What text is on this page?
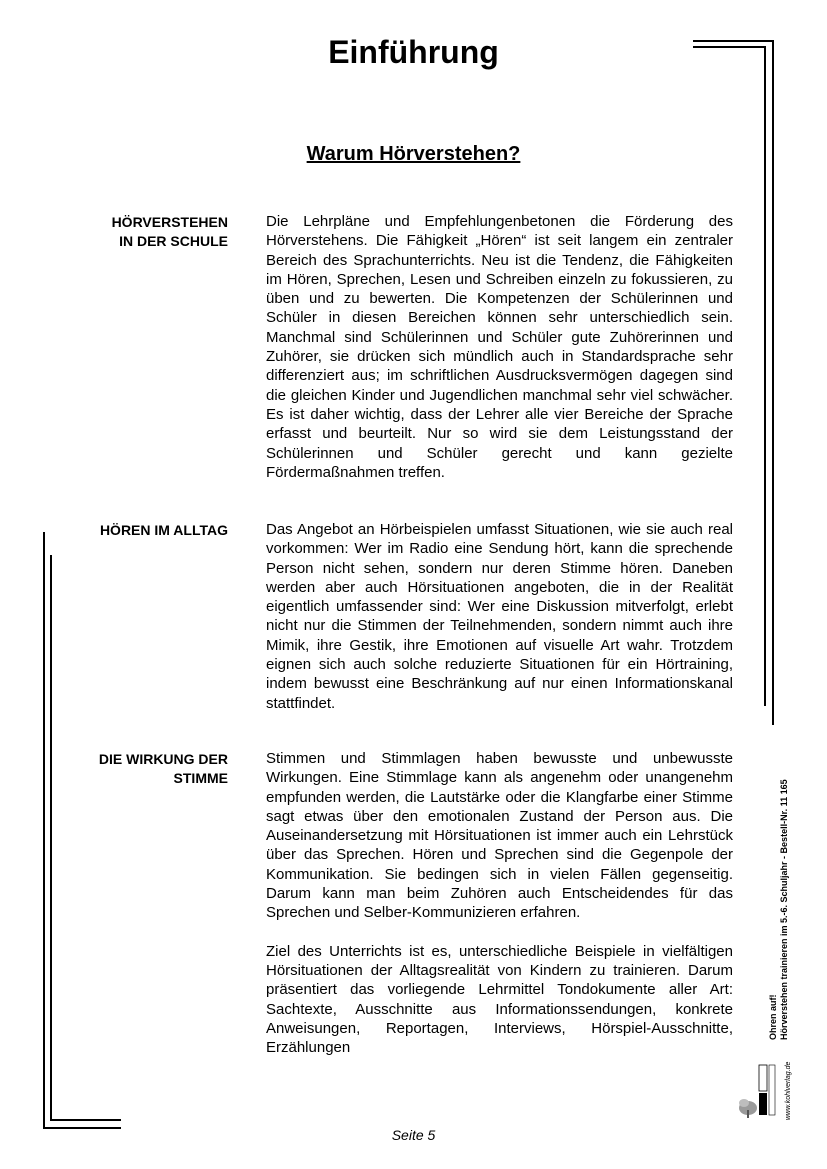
Einführung
Warum Hörverstehen?
HÖRVERSTEHEN
IN DER SCHULE

Die Lehrpläne und Empfehlungenbetonen die Förderung des Hörverstehens. Die Fähigkeit „Hören“ ist seit langem ein zentraler Bereich des Sprachunterrichts. Neu ist die Tendenz, die Fähigkeiten im Hören, Sprechen, Lesen und Schreiben einzeln zu fokussieren, zu üben und zu bewerten. Die Kompetenzen der Schülerinnen und Schüler in diesen Bereichen können sehr unterschiedlich sein. Manchmal sind Schülerinnen und Schüler gute Zuhörerinnen und Zuhörer, sie drücken sich mündlich auch in Standardsprache sehr differenziert aus; im schriftlichen Ausdrucksvermögen dagegen sind die gleichen Kinder und Jugendlichen manchmal sehr viel schwächer. Es ist daher wichtig, dass der Lehrer alle vier Bereiche der Sprache erfasst und beurteilt. Nur so wird sie dem Leistungsstand der Schülerinnen und Schüler gerecht und kann gezielte Fördermaßnahmen treffen.

HÖREN IM ALLTAG	Das Angebot an Hörbeispielen umfasst Situationen, wie sie auch real vorkommen: Wer im Radio eine Sendung hört, kann die sprechende Person nicht sehen, sondern nur deren Stimme hören. Daneben werden aber auch Hörsituationen angeboten, die in der Realität eigentlich umfassender sind: Wer eine Diskussion mitverfolgt, erlebt nicht nur die Stimmen der Teilnehmenden, sondern nimmt auch ihre Mimik, ihre Gestik, ihre Emotionen auf visuelle Art wahr. Trotzdem eignen sich auch solche reduzierte Situationen für ein Hörtraining, indem bewusst eine Beschränkung auf nur einen Informationskanal stattfindet.

DIE WIRKUNG DER
STIMME

Stimmen und Stimmlagen haben bewusste und unbewusste Wirkungen. Eine Stimmlage kann als angenehm oder unangenehm empfunden werden, die Lautstärke oder die Klangfarbe einer Stimme sagt etwas über den emotionalen Zustand der Person aus. Die Auseinandersetzung mit Hörsituationen ist immer auch ein Lehrstück über das Sprechen. Hören und Sprechen sind die Gegenpole der Kommunikation. Sie bedingen sich in vielen Fällen gegenseitig. Darum kann man beim Zuhören auch Entscheidendes für das Sprechen und Selber-Kommunizieren erfahren.

Ziel des Unterrichts ist es, unterschiedliche Beispiele in vielfältigen Hörsituationen der Alltagsrealität von Kindern zu trainieren. Darum präsentiert das vorliegende Lehrmittel Tondokumente aller Art: Sachtexte, Ausschnitte aus Informationssendungen, konkrete Anweisungen, Reportagen, Interviews, Hörspiel-Ausschnitte, Erzählungen

Ohren auf! Hörverstehen trainieren im 5.-6. Schuljahr - Bestell-Nr. 11 165
www.kohlverlag.de
Seite 5
